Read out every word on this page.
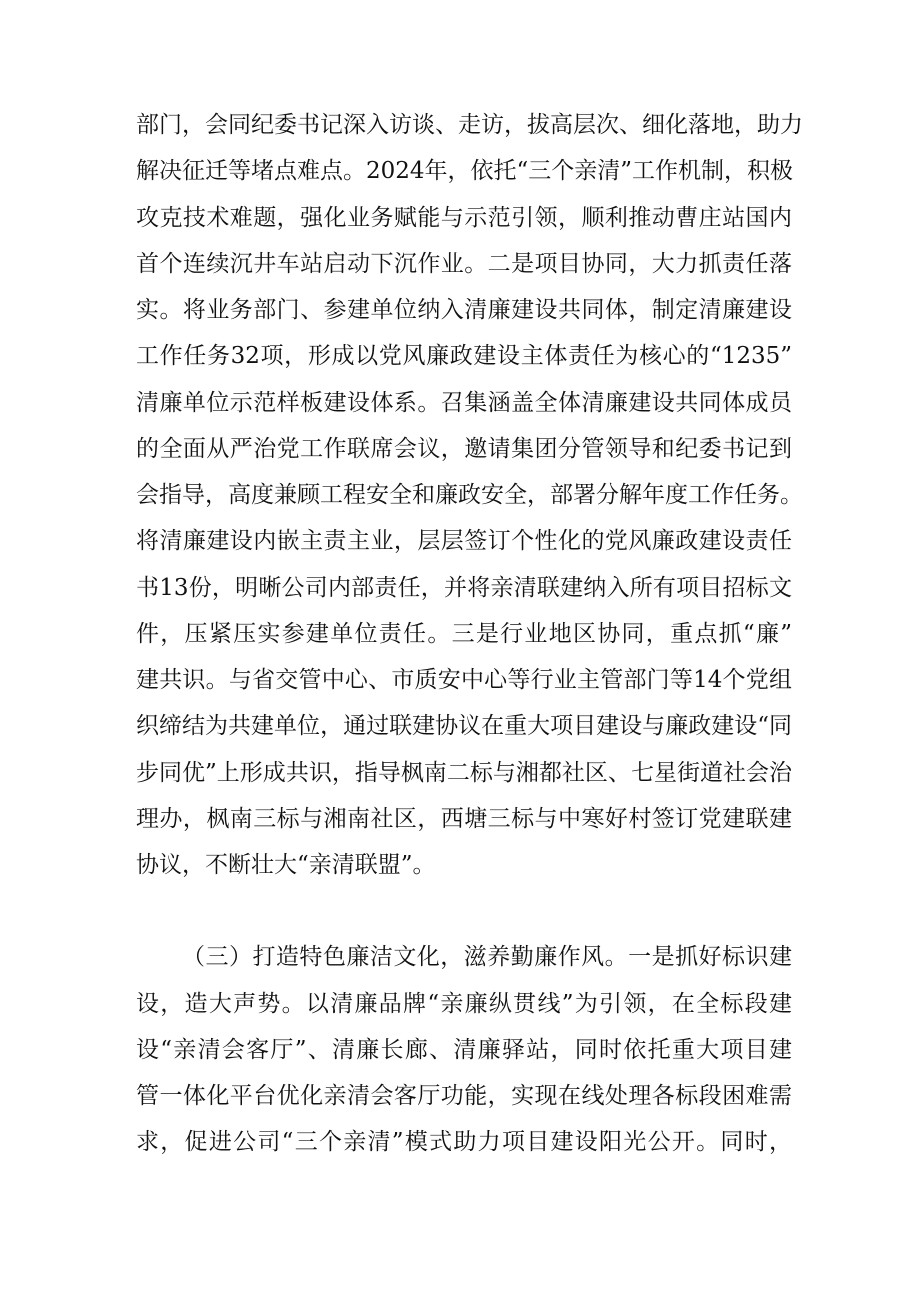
部门，会同纪委书记深入访谈、走访，拔高层次、细化落地，助力
解决征迁等堵点难点。2024年，依托“三个亲清”工作机制，积极
攻克技术难题，强化业务赋能与示范引领，顺利推动曹庄站国内
首个连续沉井车站启动下沉作业。二是项目协同，大力抓责任落
实。将业务部门、参建单位纳入清廉建设共同体，制定清廉建设
工作任务32项，形成以党风廉政建设主体责任为核心的“1235”
清廉单位示范样板建设体系。召集涵盖全体清廉建设共同体成员
的全面从严治党工作联席会议，邀请集团分管领导和纪委书记到
会指导，高度兼顾工程安全和廉政安全，部署分解年度工作任务。
将清廉建设内嵌主责主业，层层签订个性化的党风廉政建设责任
书13份，明晰公司内部责任，并将亲清联建纳入所有项目招标文
件，压紧压实参建单位责任。三是行业地区协同，重点抓“廉”
建共识。与省交管中心、市质安中心等行业主管部门等14个党组
织缔结为共建单位，通过联建协议在重大项目建设与廉政建设“同
步同优”上形成共识，指导枫南二标与湘都社区、七星街道社会治
理办，枫南三标与湘南社区，西塘三标与中寒好村签订党建联建
协议，不断壮大“亲清联盟”。
（三）打造特色廉洁文化，滋养勤廉作风。一是抓好标识建
设，造大声势。以清廉品牌“亲廉纵贯线”为引领，在全标段建
设“亲清会客厅”、清廉长廊、清廉驿站，同时依托重大项目建
管一体化平台优化亲清会客厅功能，实现在线处理各标段困难需
求，促进公司“三个亲清”模式助力项目建设阳光公开。同时，
